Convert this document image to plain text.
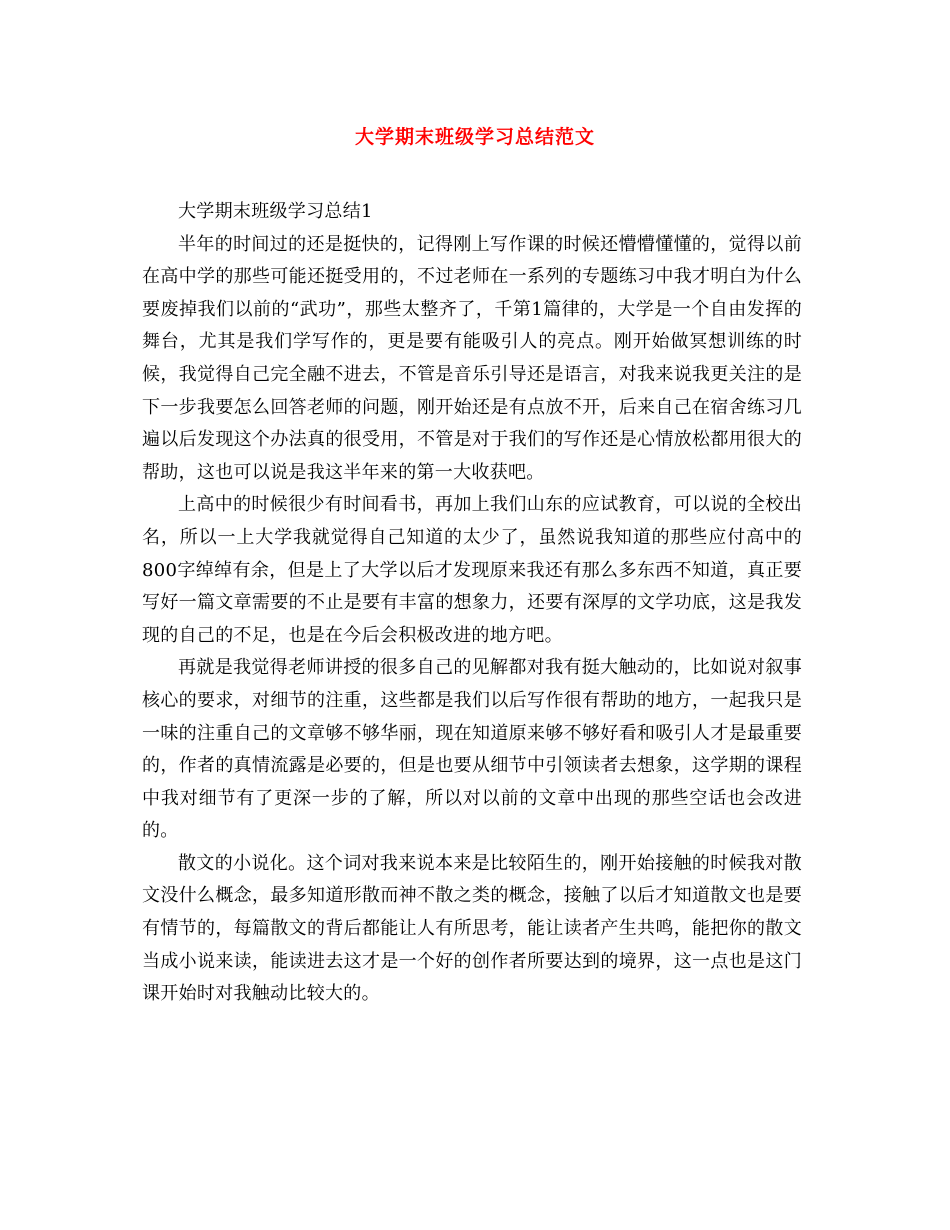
大学期末班级学习总结范文

大学期末班级学习总结1

半年的时间过的还是挺快的，记得刚上写作课的时候还懵懵懂懂的，觉得以前在高中学的那些可能还挺受用的，不过老师在一系列的专题练习中我才明白为什么要废掉我们以前的“武功”，那些太整齐了，千第1篇律的，大学是一个自由发挥的舞台，尤其是我们学写作的，更是要有能吸引人的亮点。刚开始做冥想训练的时候，我觉得自己完全融不进去，不管是音乐引导还是语言，对我来说我更关注的是下一步我要怎么回答老师的问题，刚开始还是有点放不开，后来自己在宿舍练习几遍以后发现这个办法真的很受用，不管是对于我们的写作还是心情放松都用很大的帮助，这也可以说是我这半年来的第一大收获吧。

上高中的时候很少有时间看书，再加上我们山东的应试教育，可以说的全校出名，所以一上大学我就觉得自己知道的太少了，虽然说我知道的那些应付高中的800字绰绰有余，但是上了大学以后才发现原来我还有那么多东西不知道，真正要写好一篇文章需要的不止是要有丰富的想象力，还要有深厚的文学功底，这是我发现的自己的不足，也是在今后会积极改进的地方吧。

再就是我觉得老师讲授的很多自己的见解都对我有挺大触动的，比如说对叙事核心的要求，对细节的注重，这些都是我们以后写作很有帮助的地方，一起我只是一味的注重自己的文章够不够华丽，现在知道原来够不够好看和吸引人才是最重要的，作者的真情流露是必要的，但是也要从细节中引领读者去想象，这学期的课程中我对细节有了更深一步的了解，所以对以前的文章中出现的那些空话也会改进的。

散文的小说化。这个词对我来说本来是比较陌生的，刚开始接触的时候我对散文没什么概念，最多知道形散而神不散之类的概念，接触了以后才知道散文也是要有情节的，每篇散文的背后都能让人有所思考，能让读者产生共鸣，能把你的散文当成小说来读，能读进去这才是一个好的创作者所要达到的境界，这一点也是这门课开始时对我触动比较大的。
